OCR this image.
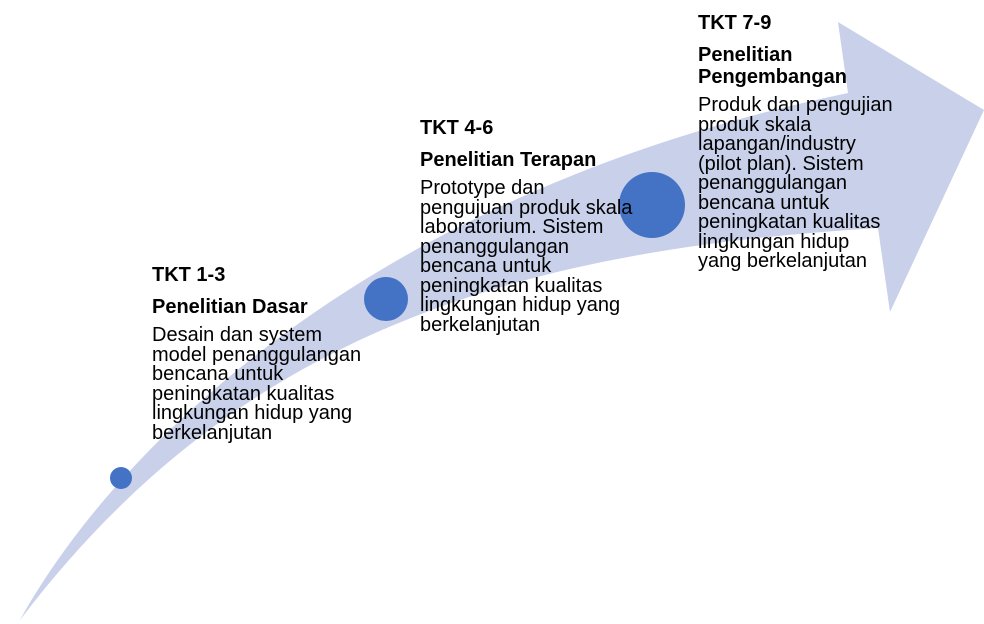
TKT 1-3
Penelitian Dasar

Desain dan system model penanggulangan bencana untuk peningkatan kualitas lingkungan hidup yang berkelanjutan

TKT 4-6
Penelitian Terapan

Prototype dan pengujuan produk skala laboratorium. Sistem penanggulangan bencana untuk peningkatan kualitas lingkungan hidup yang berkelanjutan

TKT 7-9
Penelitian Pengembangan

Produk dan pengujian produk skala lapangan/industry (pilot plan). Sistem penanggulangan bencana untuk peningkatan kualitas lingkungan hidup yang berkelanjutan
